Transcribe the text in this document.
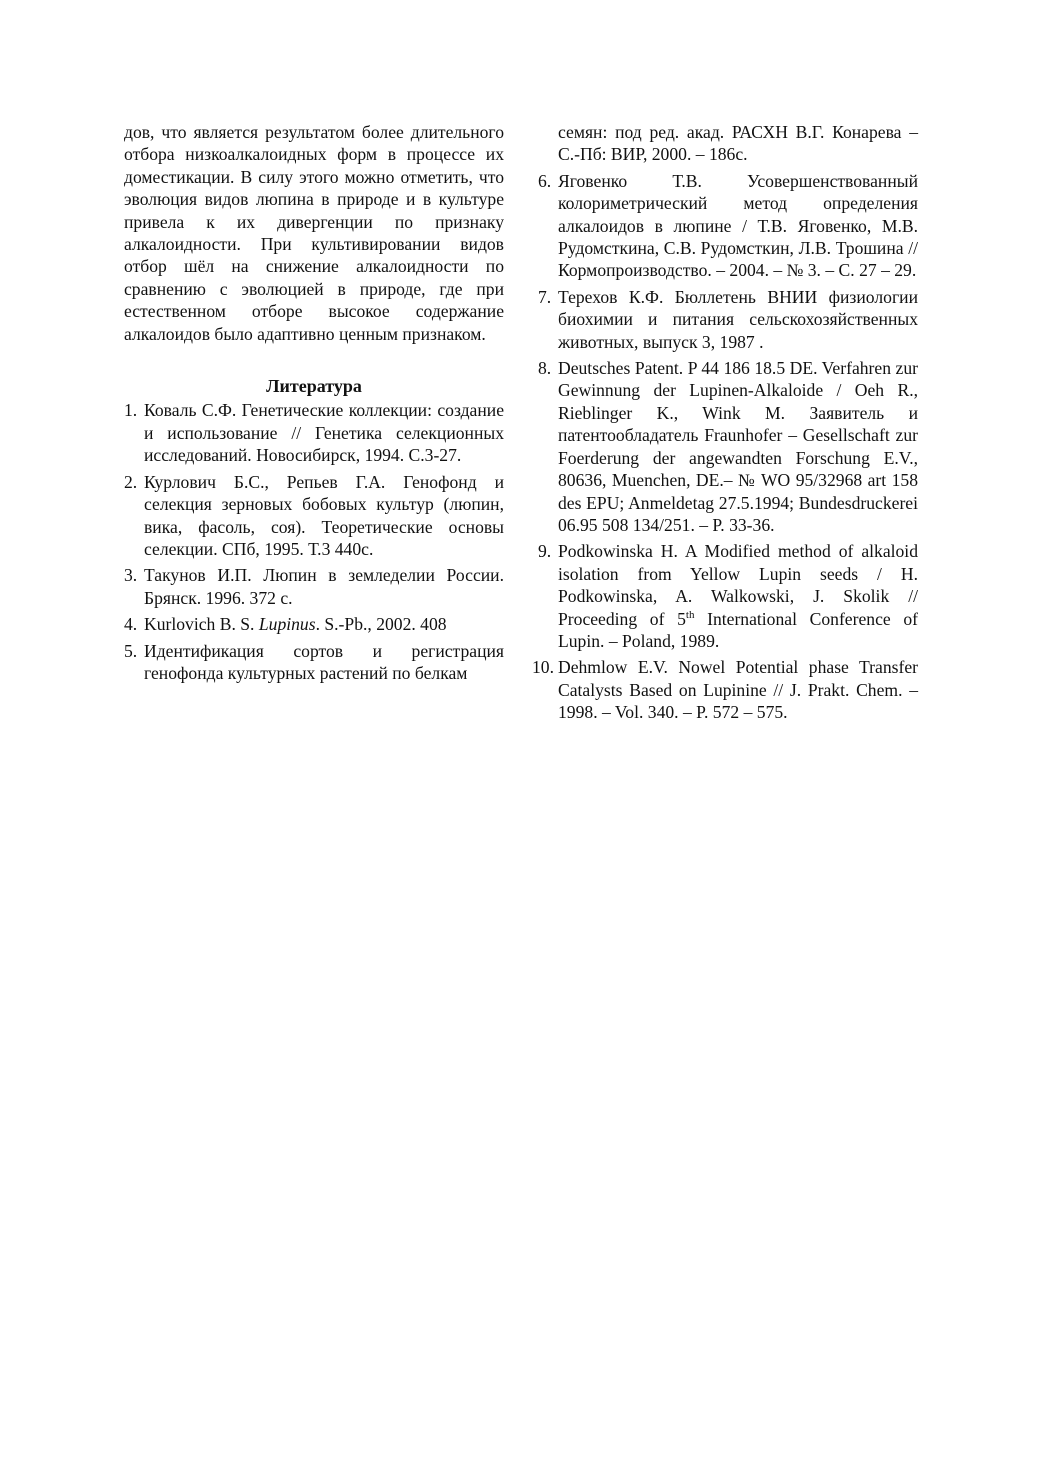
дов, что является результатом более длительного отбора низкоалкалоидных форм в процессе их доместикации. В силу этого можно отметить, что эволюция видов люпина в природе и в культуре привела к их дивергенции по признаку алкалоидности. При культивировании видов отбор шёл на снижение алкалоидности по сравнению с эволюцией в природе, где при естественном отборе высокое содержание алкалоидов было адаптивно ценным признаком.

Литература
1. Коваль С.Ф. Генетические коллекции: создание и использование // Генетика селекционных исследований. Новосибирск, 1994. С.3-27.
2. Курлович Б.С., Репьев Г.А. Генофонд и селекция зерновых бобовых культур (люпин, вика, фасоль, соя). Теоретические основы селекции. СПб, 1995. Т.3 440с.
3. Такунов И.П. Люпин в земледелии России. Брянск. 1996. 372 с.
4. Kurlovich B. S. Lupinus. S.-Pb., 2002. 408
5. Идентификация сортов и регистрация генофонда культурных растений по белкам
семян: под ред. акад. РАСХН В.Г. Конарева – С.-Пб: ВИР, 2000. – 186с.
6. Яговенко Т.В. Усовершенствованный колориметрический метод определения алкалоидов в люпине / Т.В. Яговенко, М.В. Рудомсткина, С.В. Рудомсткин, Л.В. Трошина // Кормопроизводство. – 2004. – № 3. – С. 27 – 29.
7. Терехов К.Ф. Бюллетень ВНИИ физиологии биохимии и питания сельскохозяйственных животных, выпуск 3, 1987 .
8. Deutsches Patent. P 44 186 18.5 DE. Verfahren zur Gewinnung der Lupinen-Alkaloide / Oeh R., Rieblinger K., Wink M. Заявитель и патентообладатель Fraunhofer – Gesellschaft zur Foerderung der angewandten Forschung E.V., 80636, Muenchen, DE.– № WO 95/32968 art 158 des EPU; Anmeldetag 27.5.1994; Bundesdruckerei 06.95 508 134/251. – P. 33-36.
9. Podkowinska H. A Modified method of alkaloid isolation from Yellow Lupin seeds / H. Podkowinska, A. Walkowski, J. Skolik // Proceeding of 5th International Conference of Lupin. – Poland, 1989.
10. Dehmlow E.V. Nowel Potential phase Transfer Catalysts Based on Lupinine // J. Prakt. Chem. – 1998. – Vol. 340. – P. 572 – 575.
